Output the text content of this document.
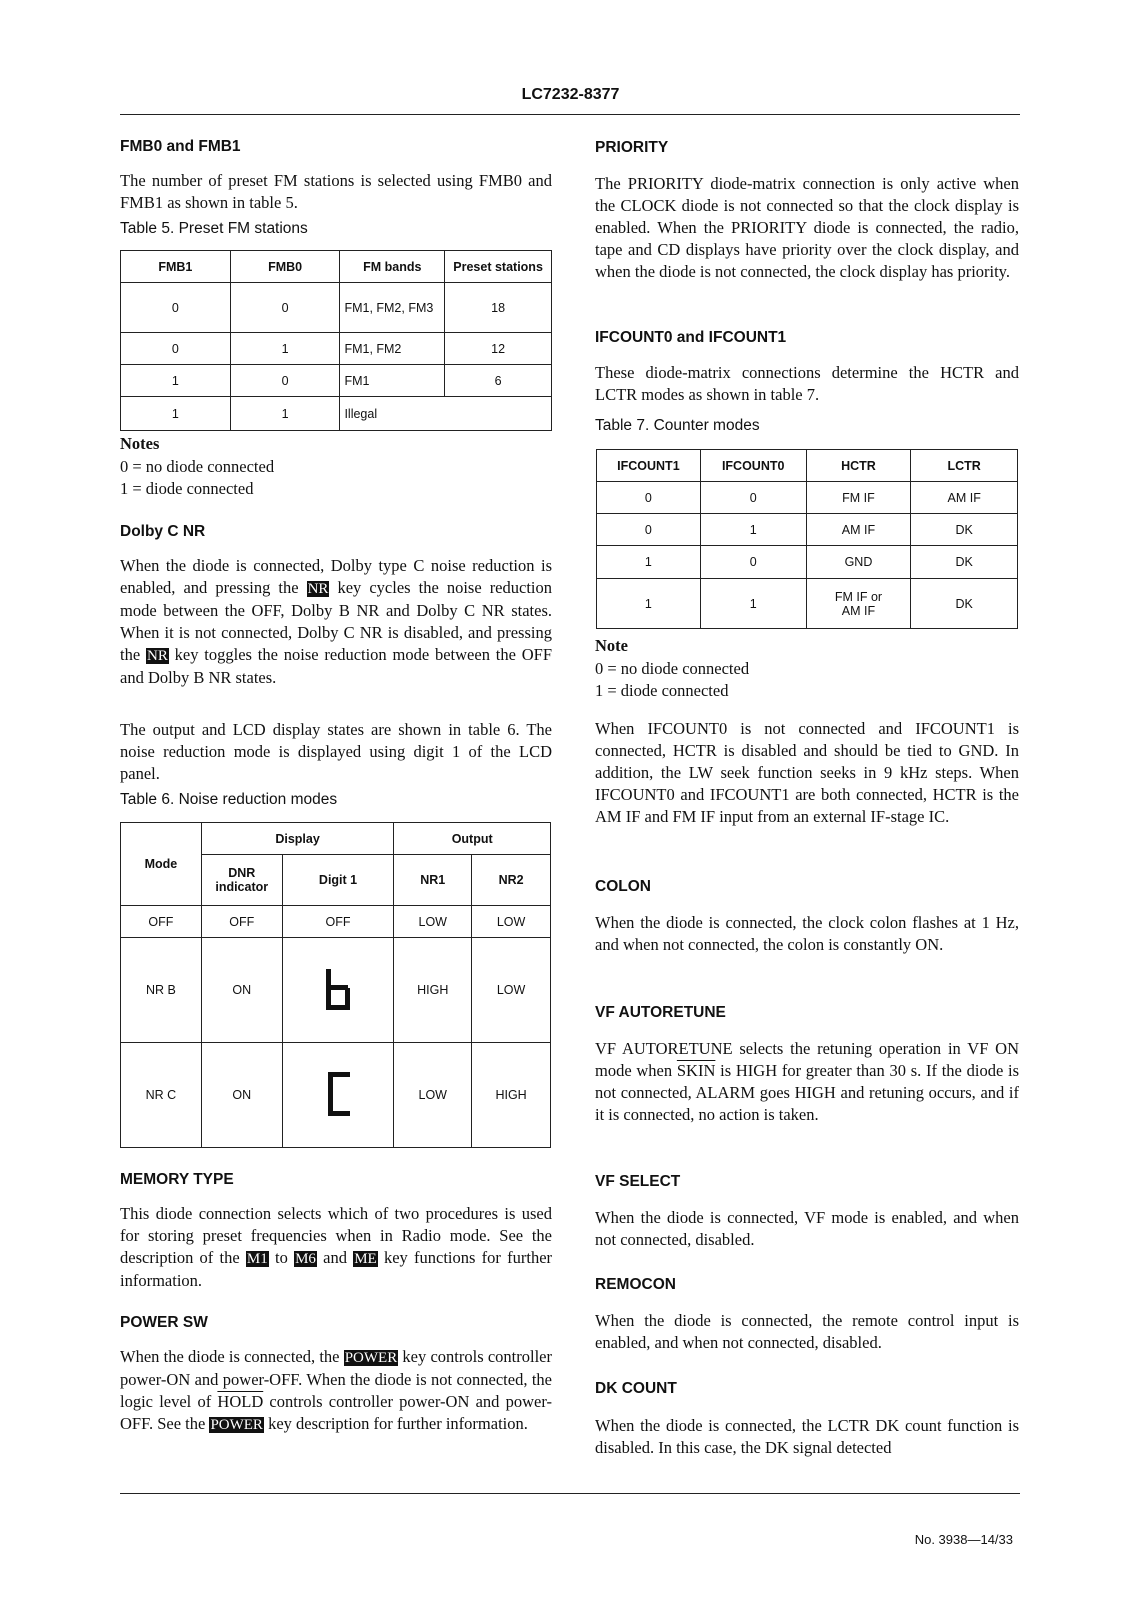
LC7232-8377
FMB0 and FMB1

The number of preset FM stations is selected using FMB0 and FMB1 as shown in table 5.

Table 5. Preset FM stations
FMB1	FMB0	FM bands	Preset stations
0	0	FM1, FM2, FM3	18
0	1	FM1, FM2	12
1	0	FM1	6
1	1	Illegal	
Notes
0 = no diode connected
1 = diode connected
Dolby C NR

When the diode is connected, Dolby type C noise reduction is enabled, and pressing the NR key cycles the noise reduction mode between the OFF, Dolby B NR and Dolby C NR states. When it is not connected, Dolby C NR is disabled, and pressing the NR key toggles the noise reduction mode between the OFF and Dolby B NR states.

The output and LCD display states are shown in table 6. The noise reduction mode is displayed using digit 1 of the LCD panel.

Table 6. Noise reduction modes
Mode	Display		Output	
	DNR indicator	Digit 1	NR1	NR2
OFF	OFF	OFF	LOW	LOW
NR B	ON		HIGH	LOW
NR C	ON		LOW	HIGH
MEMORY TYPE

This diode connection selects which of two procedures is used for storing preset frequencies when in Radio mode. See the description of the M1 to M6 and ME key functions for further information.

POWER SW

When the diode is connected, the POWER key controls controller power-ON and power-OFF. When the diode is not connected, the logic level of HOLD controls controller power-ON and power-OFF. See the POWER key description for further information.

PRIORITY

The PRIORITY diode-matrix connection is only active when the CLOCK diode is not connected so that the clock display is enabled. When the PRIORITY diode is connected, the radio, tape and CD displays have priority over the clock display, and when the diode is not connected, the clock display has priority.

IFCOUNT0 and IFCOUNT1

These diode-matrix connections determine the HCTR and LCTR modes as shown in table 7.

Table 7. Counter modes
IFCOUNT1	IFCOUNT0	HCTR	LCTR
0	0	FM IF	AM IF
0	1	AM IF	DK
1	0	GND	DK
1	1	FM IF or AM IF	DK
Note
0 = no diode connected
1 = diode connected

When IFCOUNT0 is not connected and IFCOUNT1 is connected, HCTR is disabled and should be tied to GND. In addition, the LW seek function seeks in 9 kHz steps. When IFCOUNT0 and IFCOUNT1 are both connected, HCTR is the AM IF and FM IF input from an external IF-stage IC.

COLON

When the diode is connected, the clock colon flashes at 1 Hz, and when not connected, the colon is constantly ON.

VF AUTORETUNE

VF AUTORETUNE selects the retuning operation in VF ON mode when SKIN is HIGH for greater than 30 s. If the diode is not connected, ALARM goes HIGH and retuning occurs, and if it is connected, no action is taken.

VF SELECT

When the diode is connected, VF mode is enabled, and when not connected, disabled.

REMOCON

When the diode is connected, the remote control input is enabled, and when not connected, disabled.

DK COUNT

When the diode is connected, the LCTR DK count function is disabled. In this case, the DK signal detected

No. 3938—14/33
